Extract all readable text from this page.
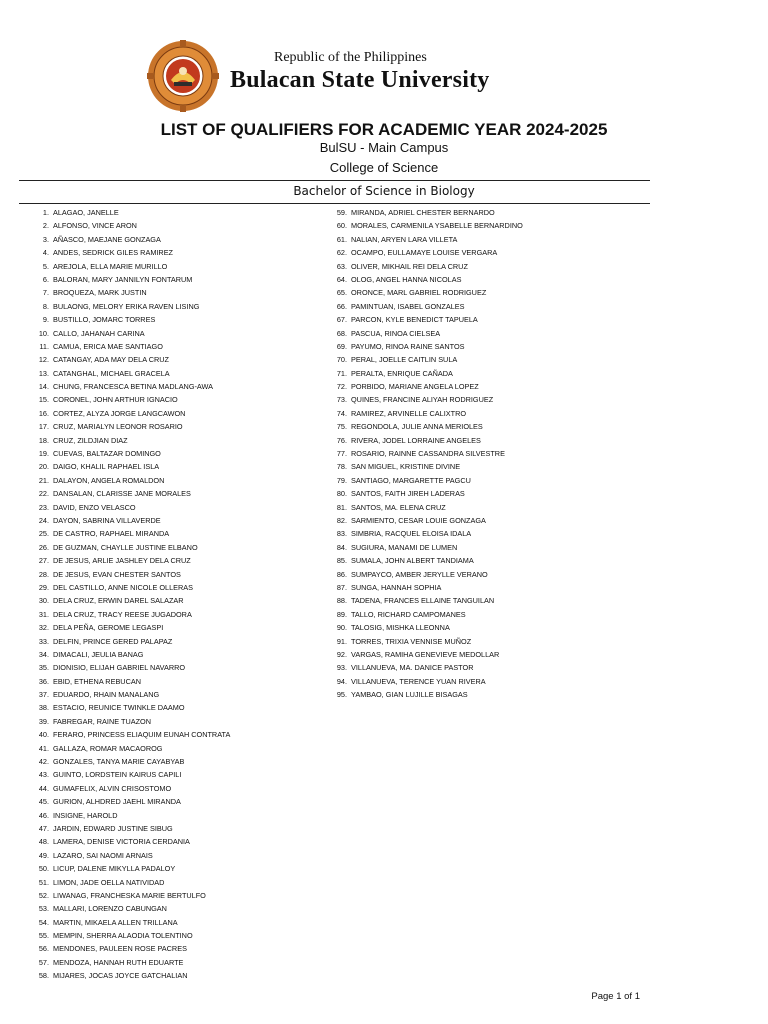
Republic of the Philippines
Bulacan State University
LIST OF QUALIFIERS FOR ACADEMIC YEAR 2024-2025
BulSU - Main Campus
College of Science
Bachelor of Science in Biology
1. ALAGAO, JANELLE
2. ALFONSO, VINCE ARON
3. AÑASCO, MAEJANE GONZAGA
4. ANDES, SEDRICK GILES RAMIREZ
5. AREJOLA, ELLA MARIE MURILLO
6. BALORAN, MARY JANNILYN FONTARUM
7. BROQUEZA, MARK JUSTIN
8. BULAONG, MELORY ERIKA RAVEN LISING
9. BUSTILLO, JOMARC TORRES
10. CALLO, JAHANAH CARINA
11. CAMUA, ERICA MAE SANTIAGO
12. CATANGAY, ADA MAY DELA CRUZ
13. CATANGHAL, MICHAEL GRACELA
14. CHUNG, FRANCESCA BETINA MADLANG-AWA
15. CORONEL, JOHN ARTHUR IGNACIO
16. CORTEZ, ALYZA JORGE LANGCAWON
17. CRUZ, MARIALYN LEONOR ROSARIO
18. CRUZ, ZILDJIAN DIAZ
19. CUEVAS, BALTAZAR DOMINGO
20. DAIGO, KHALIL RAPHAEL ISLA
21. DALAYON, ANGELA ROMALDON
22. DANSALAN, CLARISSE JANE MORALES
23. DAVID, ENZO VELASCO
24. DAYON, SABRINA VILLAVERDE
25. DE CASTRO, RAPHAEL MIRANDA
26. DE GUZMAN, CHAYLLE JUSTINE ELBANO
27. DE JESUS, ARLIE JASHLEY DELA CRUZ
28. DE JESUS, EVAN CHESTER SANTOS
29. DEL CASTILLO, ANNE NICOLE OLLERAS
30. DELA CRUZ, ERWIN DAREL SALAZAR
31. DELA CRUZ, TRACY REESE JUGADORA
32. DELA PEÑA, GEROME LEGASPI
33. DELFIN, PRINCE GERED PALAPAZ
34. DIMACALI, JEULIA BANAG
35. DIONISIO, ELIJAH GABRIEL NAVARRO
36. EBID, ETHENA REBUCAN
37. EDUARDO, RHAIN MANALANG
38. ESTACIO, REUNICE TWINKLE DAAMO
39. FABREGAR, RAINE TUAZON
40. FERARO, PRINCESS ELIAQUIM EUNAH CONTRATA
41. GALLAZA, ROMAR MACAOROG
42. GONZALES, TANYA MARIE CAYABYAB
43. GUINTO, LORDSTEIN KAIRUS CAPILI
44. GUMAFELIX, ALVIN CRISOSTOMO
45. GURION, ALHDRED JAEHL MIRANDA
46. INSIGNE, HAROLD
47. JARDIN, EDWARD JUSTINE SIBUG
48. LAMERA, DENISE VICTORIA CERDANIA
49. LAZARO, SAI NAOMI ARNAIS
50. LICUP, DALENE MIKYLLA PADALOY
51. LIMON, JADE OELLA NATIVIDAD
52. LIWANAG, FRANCHESKA MARIE BERTULFO
53. MALLARI, LORENZO CABUNGAN
54. MARTIN, MIKAELA ALLEN TRILLANA
55. MEMPIN, SHERRA ALAODIA TOLENTINO
56. MENDONES, PAULEEN ROSE PACRES
57. MENDOZA, HANNAH RUTH EDUARTE
58. MIJARES, JOCAS JOYCE GATCHALIAN
59. MIRANDA, ADRIEL CHESTER BERNARDO
60. MORALES, CARMENILA YSABELLE BERNARDINO
61. NALIAN, ARYEN LARA VILLETA
62. OCAMPO, EULLAMAYE LOUISE VERGARA
63. OLIVER, MIKHAIL REI DELA CRUZ
64. OLOG, ANGEL HANNA NICOLAS
65. ORONCE, MARL GABRIEL RODRIGUEZ
66. PAMINTUAN, ISABEL GONZALES
67. PARCON, KYLE BENEDICT TAPUELA
68. PASCUA, RINOA CIELSEA
69. PAYUMO, RINOA RAINE SANTOS
70. PERAL, JOELLE CAITLIN SULA
71. PERALTA, ENRIQUE CAÑADA
72. PORBIDO, MARIANE ANGELA LOPEZ
73. QUINES, FRANCINE ALIYAH RODRIGUEZ
74. RAMIREZ, ARVINELLE CALIXTRO
75. REGONDOLA, JULIE ANNA MERIOLES
76. RIVERA, JODEL LORRAINE ANGELES
77. ROSARIO, RAINNE CASSANDRA SILVESTRE
78. SAN MIGUEL, KRISTINE DIVINE
79. SANTIAGO, MARGARETTE PAGCU
80. SANTOS, FAITH JIREH LADERAS
81. SANTOS, MA. ELENA CRUZ
82. SARMIENTO, CESAR LOUIE GONZAGA
83. SIMBRIA, RACQUEL ELOISA IDALA
84. SUGIURA, MANAMI DE LUMEN
85. SUMALA, JOHN ALBERT TANDIAMA
86. SUMPAYCO, AMBER JERYLLE VERANO
87. SUNGA, HANNAH SOPHIA
88. TADENA, FRANCES ELLAINE TANGUILAN
89. TALLO, RICHARD CAMPOMANES
90. TALOSIG, MISHKA LLEONNA
91. TORRES, TRIXIA VENNISE MUÑOZ
92. VARGAS, RAMIHA GENEVIEVE MEDOLLAR
93. VILLANUEVA, MA. DANICE PASTOR
94. VILLANUEVA, TERENCE YUAN RIVERA
95. YAMBAO, GIAN LUJILLE BISAGAS
Page 1 of 1
